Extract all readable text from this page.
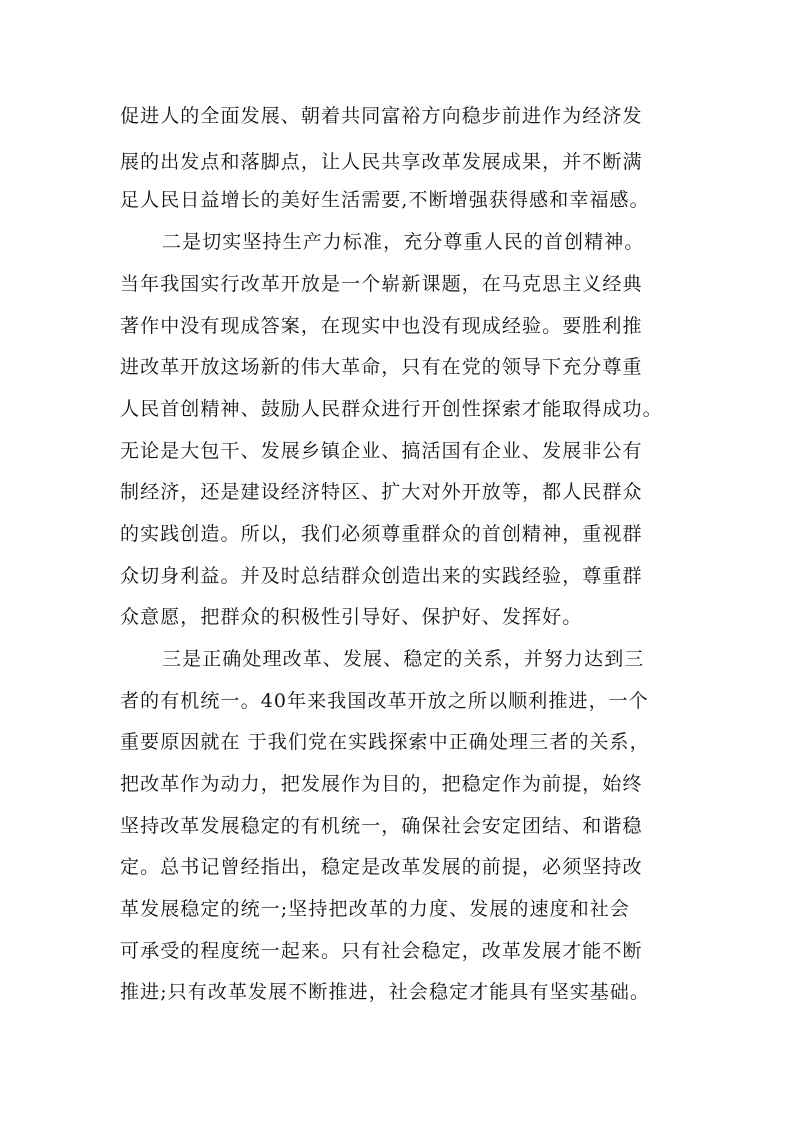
促进人的全面发展、朝着共同富裕方向稳步前进作为经济发
展的出发点和落脚点，让人民共享改革发展成果，并不断满
足人民日益增长的美好生活需要,不断增强获得感和幸福感。
二是切实坚持生产力标准，充分尊重人民的首创精神。
当年我国实行改革开放是一个崭新课题，在马克思主义经典
著作中没有现成答案，在现实中也没有现成经验。要胜利推
进改革开放这场新的伟大革命，只有在党的领导下充分尊重
人民首创精神、鼓励人民群众进行开创性探索才能取得成功。
无论是大包干、发展乡镇企业、搞活国有企业、发展非公有
制经济，还是建设经济特区、扩大对外开放等，都人民群众
的实践创造。所以，我们必须尊重群众的首创精神，重视群
众切身利益。并及时总结群众创造出来的实践经验，尊重群
众意愿，把群众的积极性引导好、保护好、发挥好。
三是正确处理改革、发展、稳定的关系，并努力达到三
者的有机统一。40年来我国改革开放之所以顺利推进，一个
重要原因就在 于我们党在实践探索中正确处理三者的关系，
把改革作为动力，把发展作为目的，把稳定作为前提，始终
坚持改革发展稳定的有机统一，确保社会安定团结、和谐稳
定。总书记曾经指出，稳定是改革发展的前提，必须坚持改
革发展稳定的统一;坚持把改革的力度、发展的速度和社会
可承受的程度统一起来。只有社会稳定，改革发展才能不断
推进;只有改革发展不断推进，社会稳定才能具有坚实基础。
